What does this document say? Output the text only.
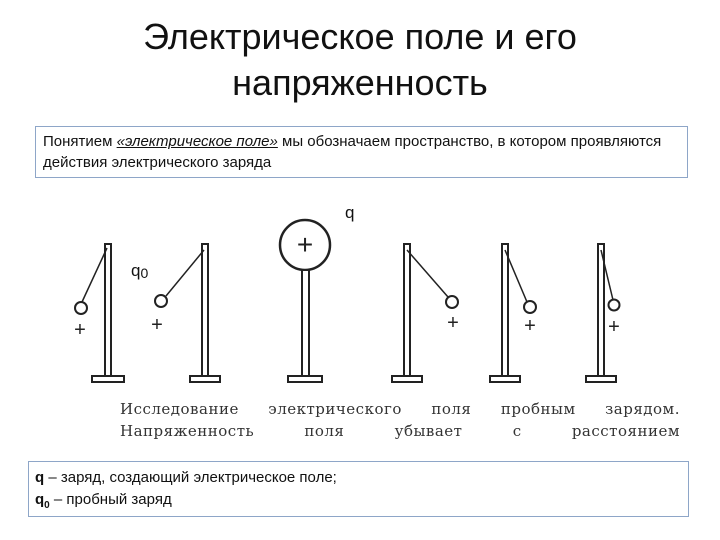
Электрическое поле и его
напряженность
Понятием «электрическое поле» мы обозначаем пространство, в котором проявляются действия электрического заряда
+
+	+	+	+	+
q
q0
Исследование электрического поля пробным зарядом. Напряженность поля убывает с расстоянием
q – заряд, создающий электрическое поле;
$q_0$ – пробный заряд
